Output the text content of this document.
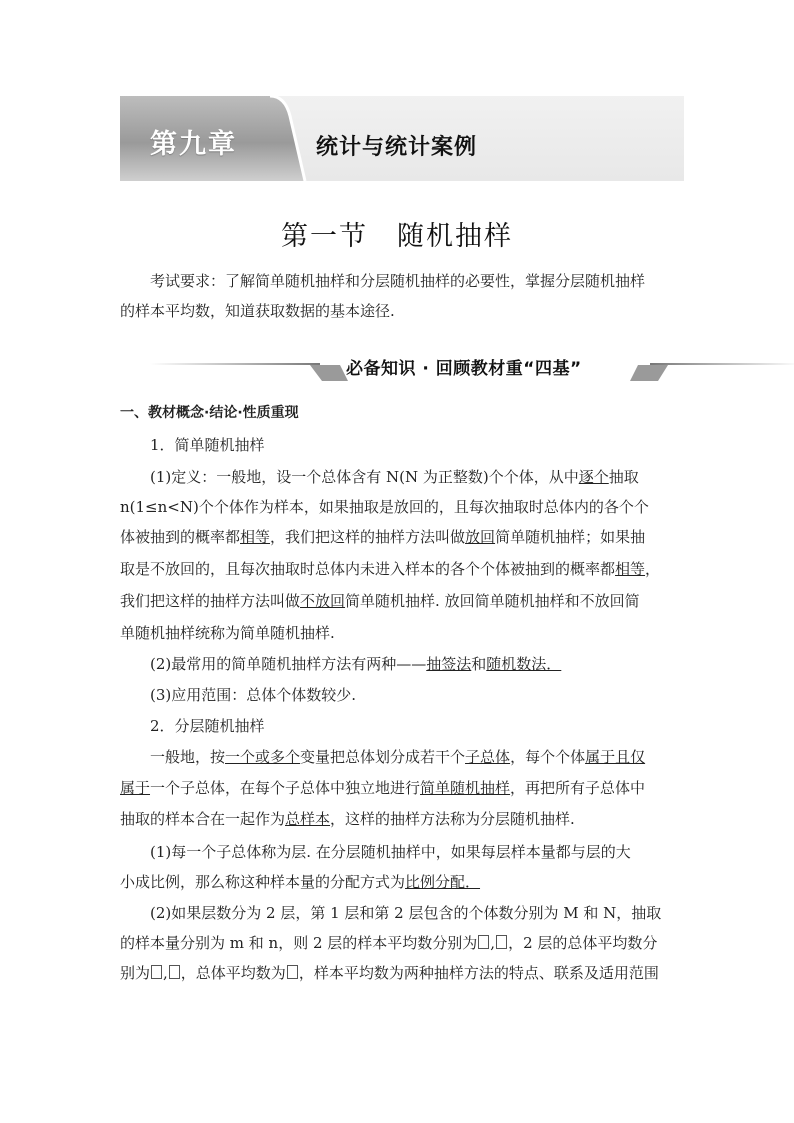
第九章	统计与统计案例
第一节　随机抽样
考试要求：了解简单随机抽样和分层随机抽样的必要性，掌握分层随机抽样
的样本平均数，知道获取数据的基本途径.
必备知识 · 回顾教材重“四基”
一、教材概念·结论·性质重现
1．简单随机抽样
(1)定义：一般地，设一个总体含有 N(N 为正整数)个个体，从中逐个抽取
n(1≤n<N)个个体作为样本，如果抽取是放回的，且每次抽取时总体内的各个个
体被抽到的概率都相等，我们把这样的抽样方法叫做放回简单随机抽样；如果抽
取是不放回的，且每次抽取时总体内未进入样本的各个个体被抽到的概率都相等，
我们把这样的抽样方法叫做不放回简单随机抽样. 放回简单随机抽样和不放回简
单随机抽样统称为简单随机抽样.
(2)最常用的简单随机抽样方法有两种——抽签法和随机数法．
(3)应用范围：总体个体数较少.
2．分层随机抽样
一般地，按一个或多个变量把总体划分成若干个子总体，每个个体属于且仅
属于一个子总体，在每个子总体中独立地进行简单随机抽样，再把所有子总体中
抽取的样本合在一起作为总样本，这样的抽样方法称为分层随机抽样.
(1)每一个子总体称为层. 在分层随机抽样中，如果每层样本量都与层的大
小成比例，那么称这种样本量的分配方式为比例分配．
(2)如果层数分为 2 层，第 1 层和第 2 层包含的个体数分别为 M 和 N，抽取
的样本量分别为 m 和 n，则 2 层的样本平均数分别为 , ，2 层的总体平均数分
别为 , ，总体平均数为 ，样本平均数为两种抽样方法的特点、联系及适用范围
